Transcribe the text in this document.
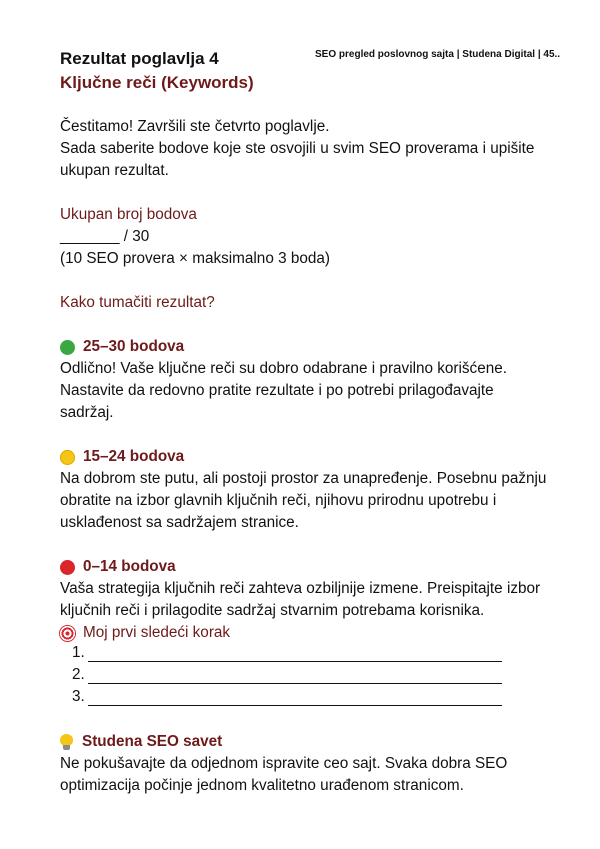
SEO pregled poslovnog sajta | Studena Digital | 45..
Rezultat poglavlja 4
Ključne reči (Keywords)
Čestitamo! Završili ste četvrto poglavlje.
Sada saberite bodove koje ste osvojili u svim SEO proverama i upišite ukupan rezultat.
Ukupan broj bodova
_______ / 30
(10 SEO provera × maksimalno 3 boda)
Kako tumačiti rezultat?
25–30 bodova
Odlično! Vaše ključne reči su dobro odabrane i pravilno korišćene. Nastavite da redovno pratite rezultate i po potrebi prilagođavajte sadržaj.
15–24 bodova
Na dobrom ste putu, ali postoji prostor za unapređenje. Posebnu pažnju obratite na izbor glavnih ključnih reči, njihovu prirodnu upotrebu i usklađenost sa sadržajem stranice.
0–14 bodova
Vaša strategija ključnih reči zahteva ozbiljnije izmene. Preispitajte izbor ključnih reči i prilagodite sadržaj stvarnim potrebama korisnika.
Moj prvi sledeći korak
1.
2.
3.
Studena SEO savet
Ne pokušavajte da odjednom ispravite ceo sajt. Svaka dobra SEO optimizacija počinje jednom kvalitetno urađenom stranicom.
